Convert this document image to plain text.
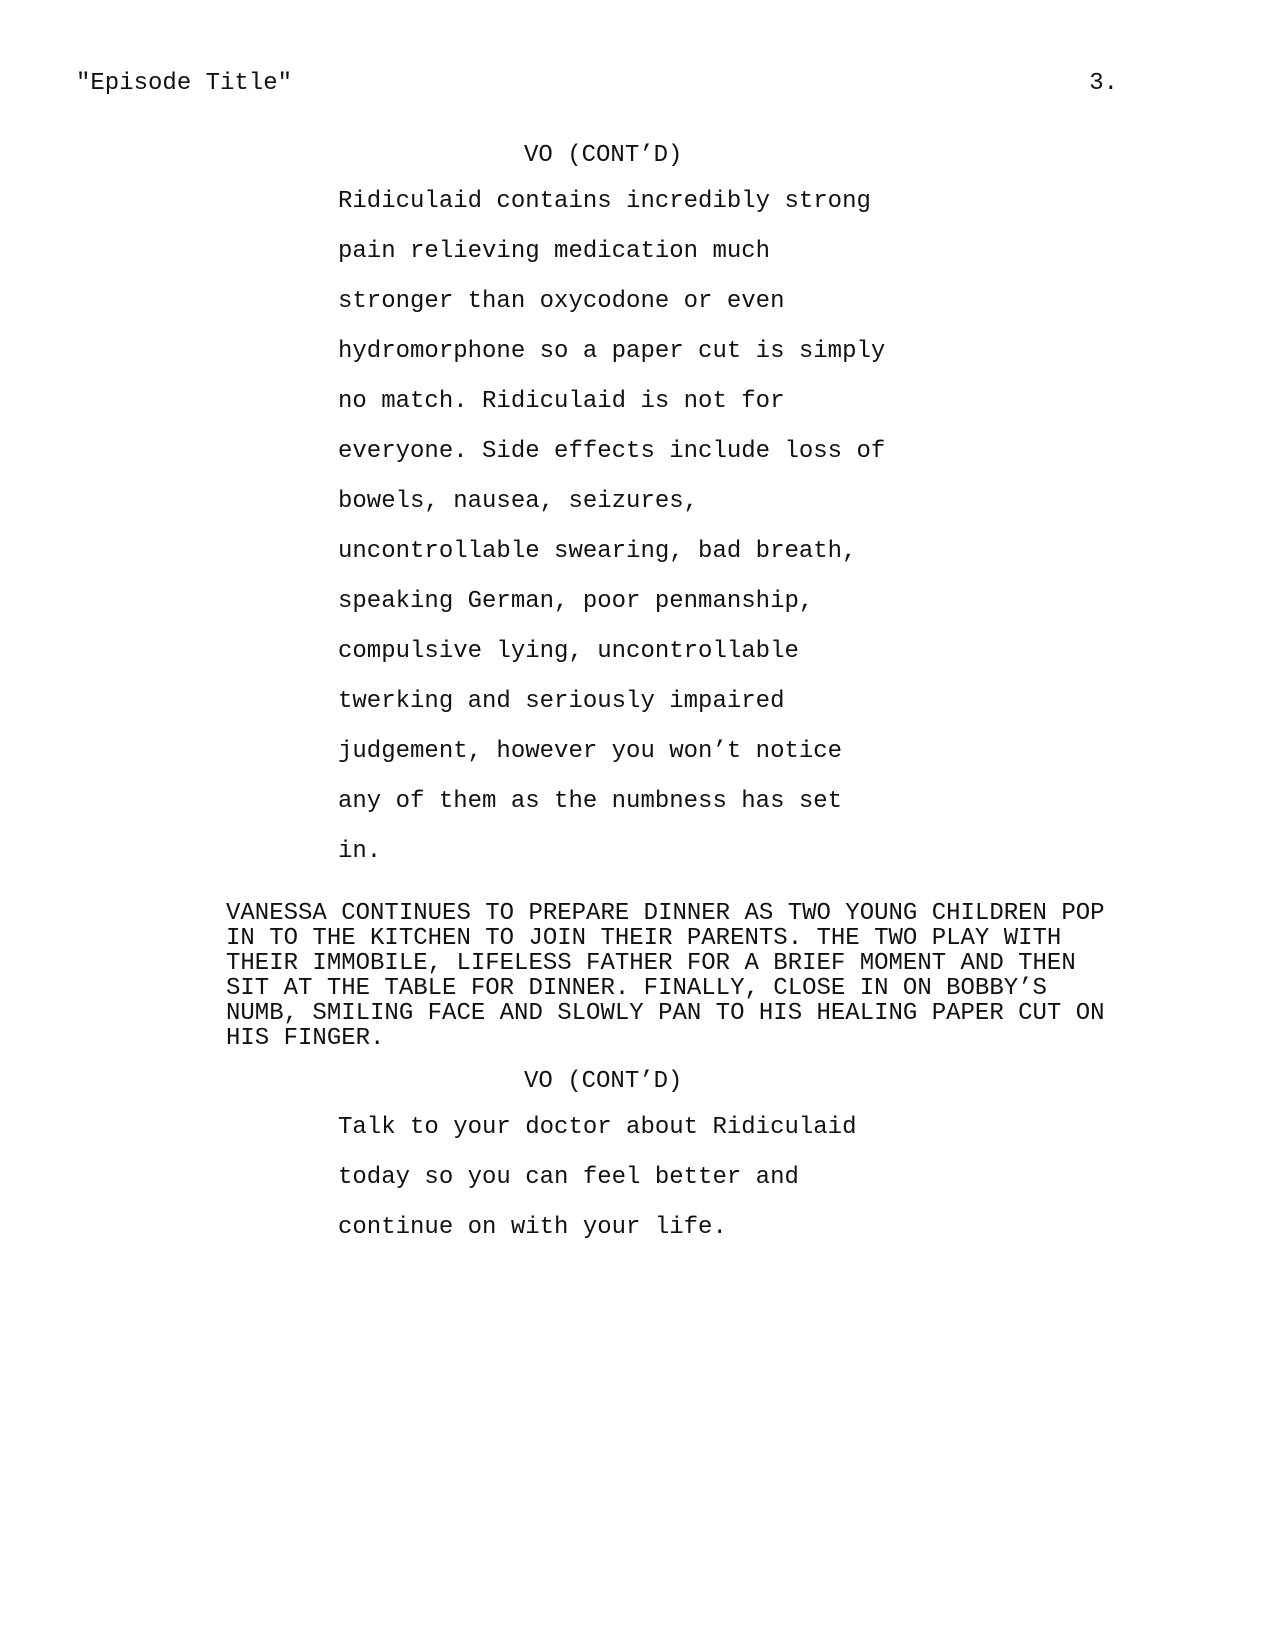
"Episode Title"	3.
VO (CONT’D)
Ridiculaid contains incredibly strong
pain relieving medication much
stronger than oxycodone or even
hydromorphone so a paper cut is simply
no match. Ridiculaid is not for
everyone. Side effects include loss of
bowels, nausea, seizures,
uncontrollable swearing, bad breath,
speaking German, poor penmanship,
compulsive lying, uncontrollable
twerking and seriously impaired
judgement, however you won’t notice
any of them as the numbness has set
in.
VANESSA CONTINUES TO PREPARE DINNER AS TWO YOUNG CHILDREN POP
IN TO THE KITCHEN TO JOIN THEIR PARENTS. THE TWO PLAY WITH
THEIR IMMOBILE, LIFELESS FATHER FOR A BRIEF MOMENT AND THEN
SIT AT THE TABLE FOR DINNER. FINALLY, CLOSE IN ON BOBBY’S
NUMB, SMILING FACE AND SLOWLY PAN TO HIS HEALING PAPER CUT ON
HIS FINGER.
VO (CONT’D)
Talk to your doctor about Ridiculaid
today so you can feel better and
continue on with your life.
